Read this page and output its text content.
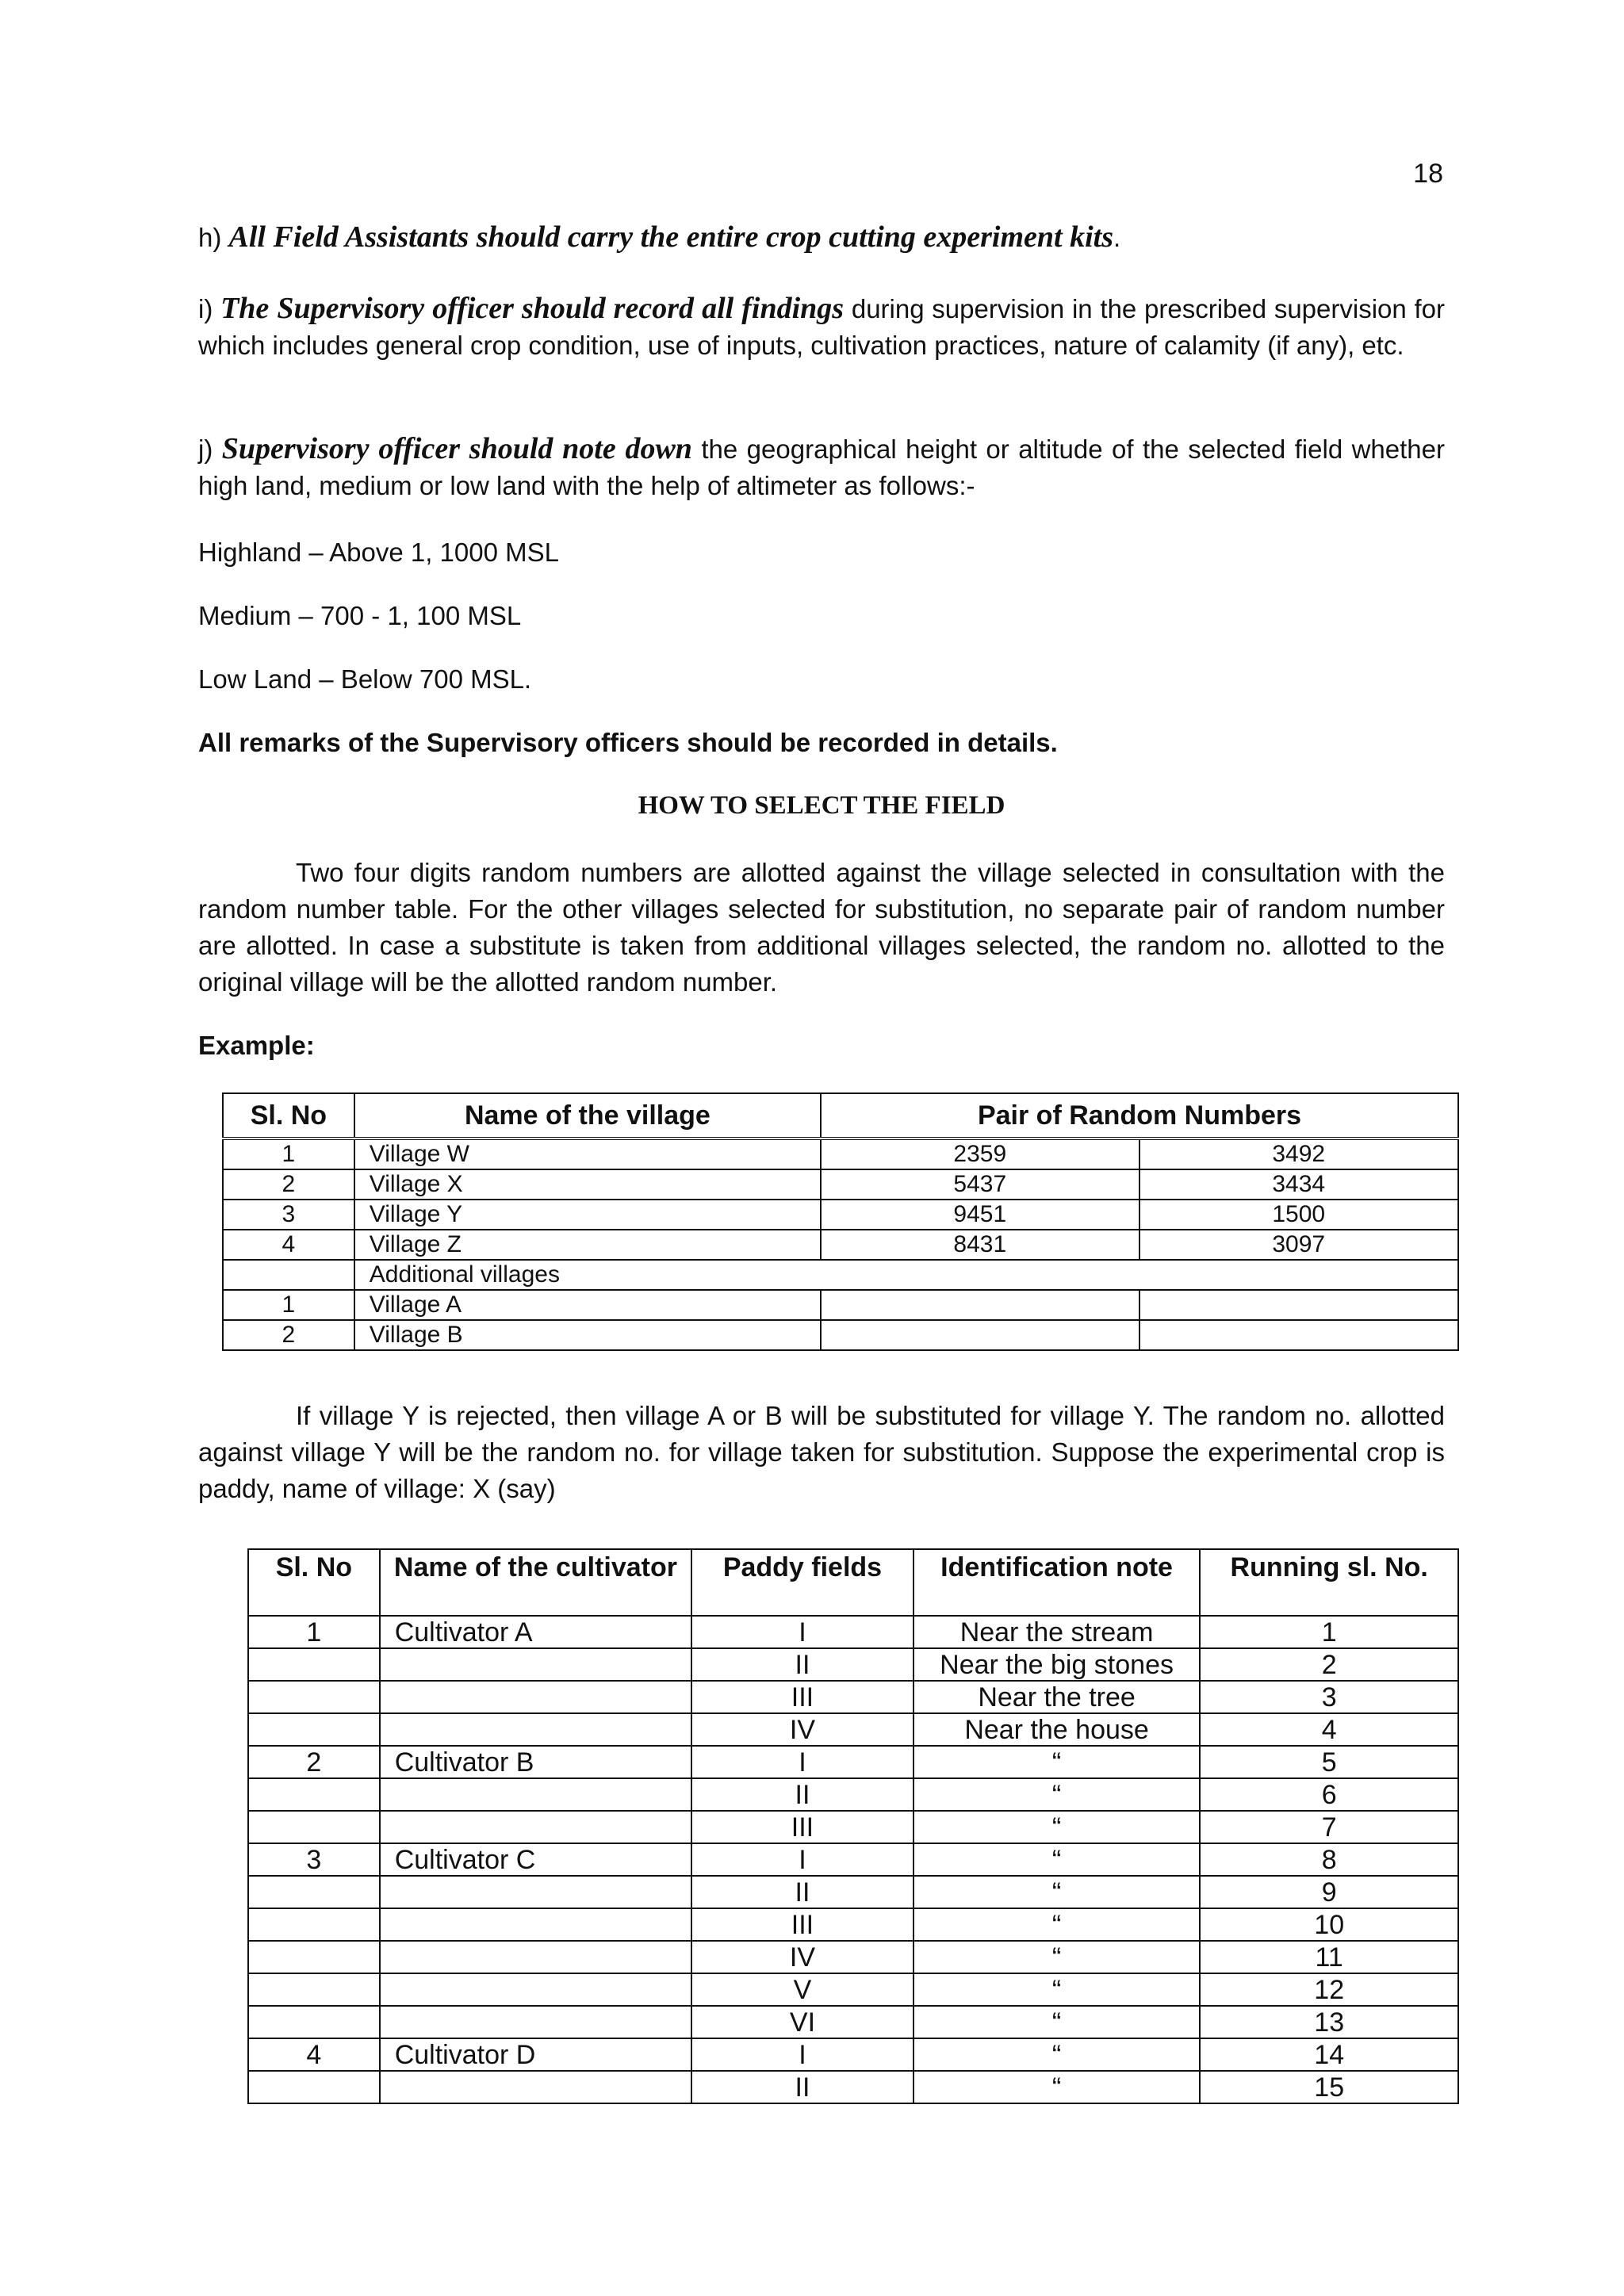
18
h) All Field Assistants should carry the entire crop cutting experiment kits.
i) The Supervisory officer should record all findings during supervision in the prescribed supervision for which includes general crop condition, use of inputs, cultivation practices, nature of calamity (if any), etc.
j) Supervisory officer should note down the geographical height or altitude of the selected field whether high land, medium or low land with the help of altimeter as follows:-
Highland – Above 1, 1000 MSL
Medium – 700 - 1, 100 MSL
Low Land – Below 700 MSL.
All remarks of the Supervisory officers should be recorded in details.
HOW TO SELECT THE FIELD
Two four digits random numbers are allotted against the village selected in consultation with the random number table. For the other villages selected for substitution, no separate pair of random number are allotted. In case a substitute is taken from additional villages selected, the random no. allotted to the original village will be the allotted random number.
Example:
Sl. No	Name of the village	Pair of Random Numbers	
1	Village W	2359	3492
2	Village X	5437	3434
3	Village Y	9451	1500
4	Village Z	8431	3097
	Additional villages		
1	Village A		
2	Village B		
If village Y is rejected, then village A or B will be substituted for village Y. The random no. allotted against village Y will be the random no. for village taken for substitution. Suppose the experimental crop is paddy, name of village: X (say)
Sl. No	Name of the cultivator	Paddy fields	Identification note	Running sl. No.
1	Cultivator A	I	Near the stream	1
		II	Near the big stones	2
		III	Near the tree	3
		IV	Near the house	4
2	Cultivator B	I	“	5
		II	“	6
		III	“	7
3	Cultivator C	I	“	8
		II	“	9
		III	“	10
		IV	“	11
		V	“	12
		VI	“	13
4	Cultivator D	I	“	14
		II	“	15
